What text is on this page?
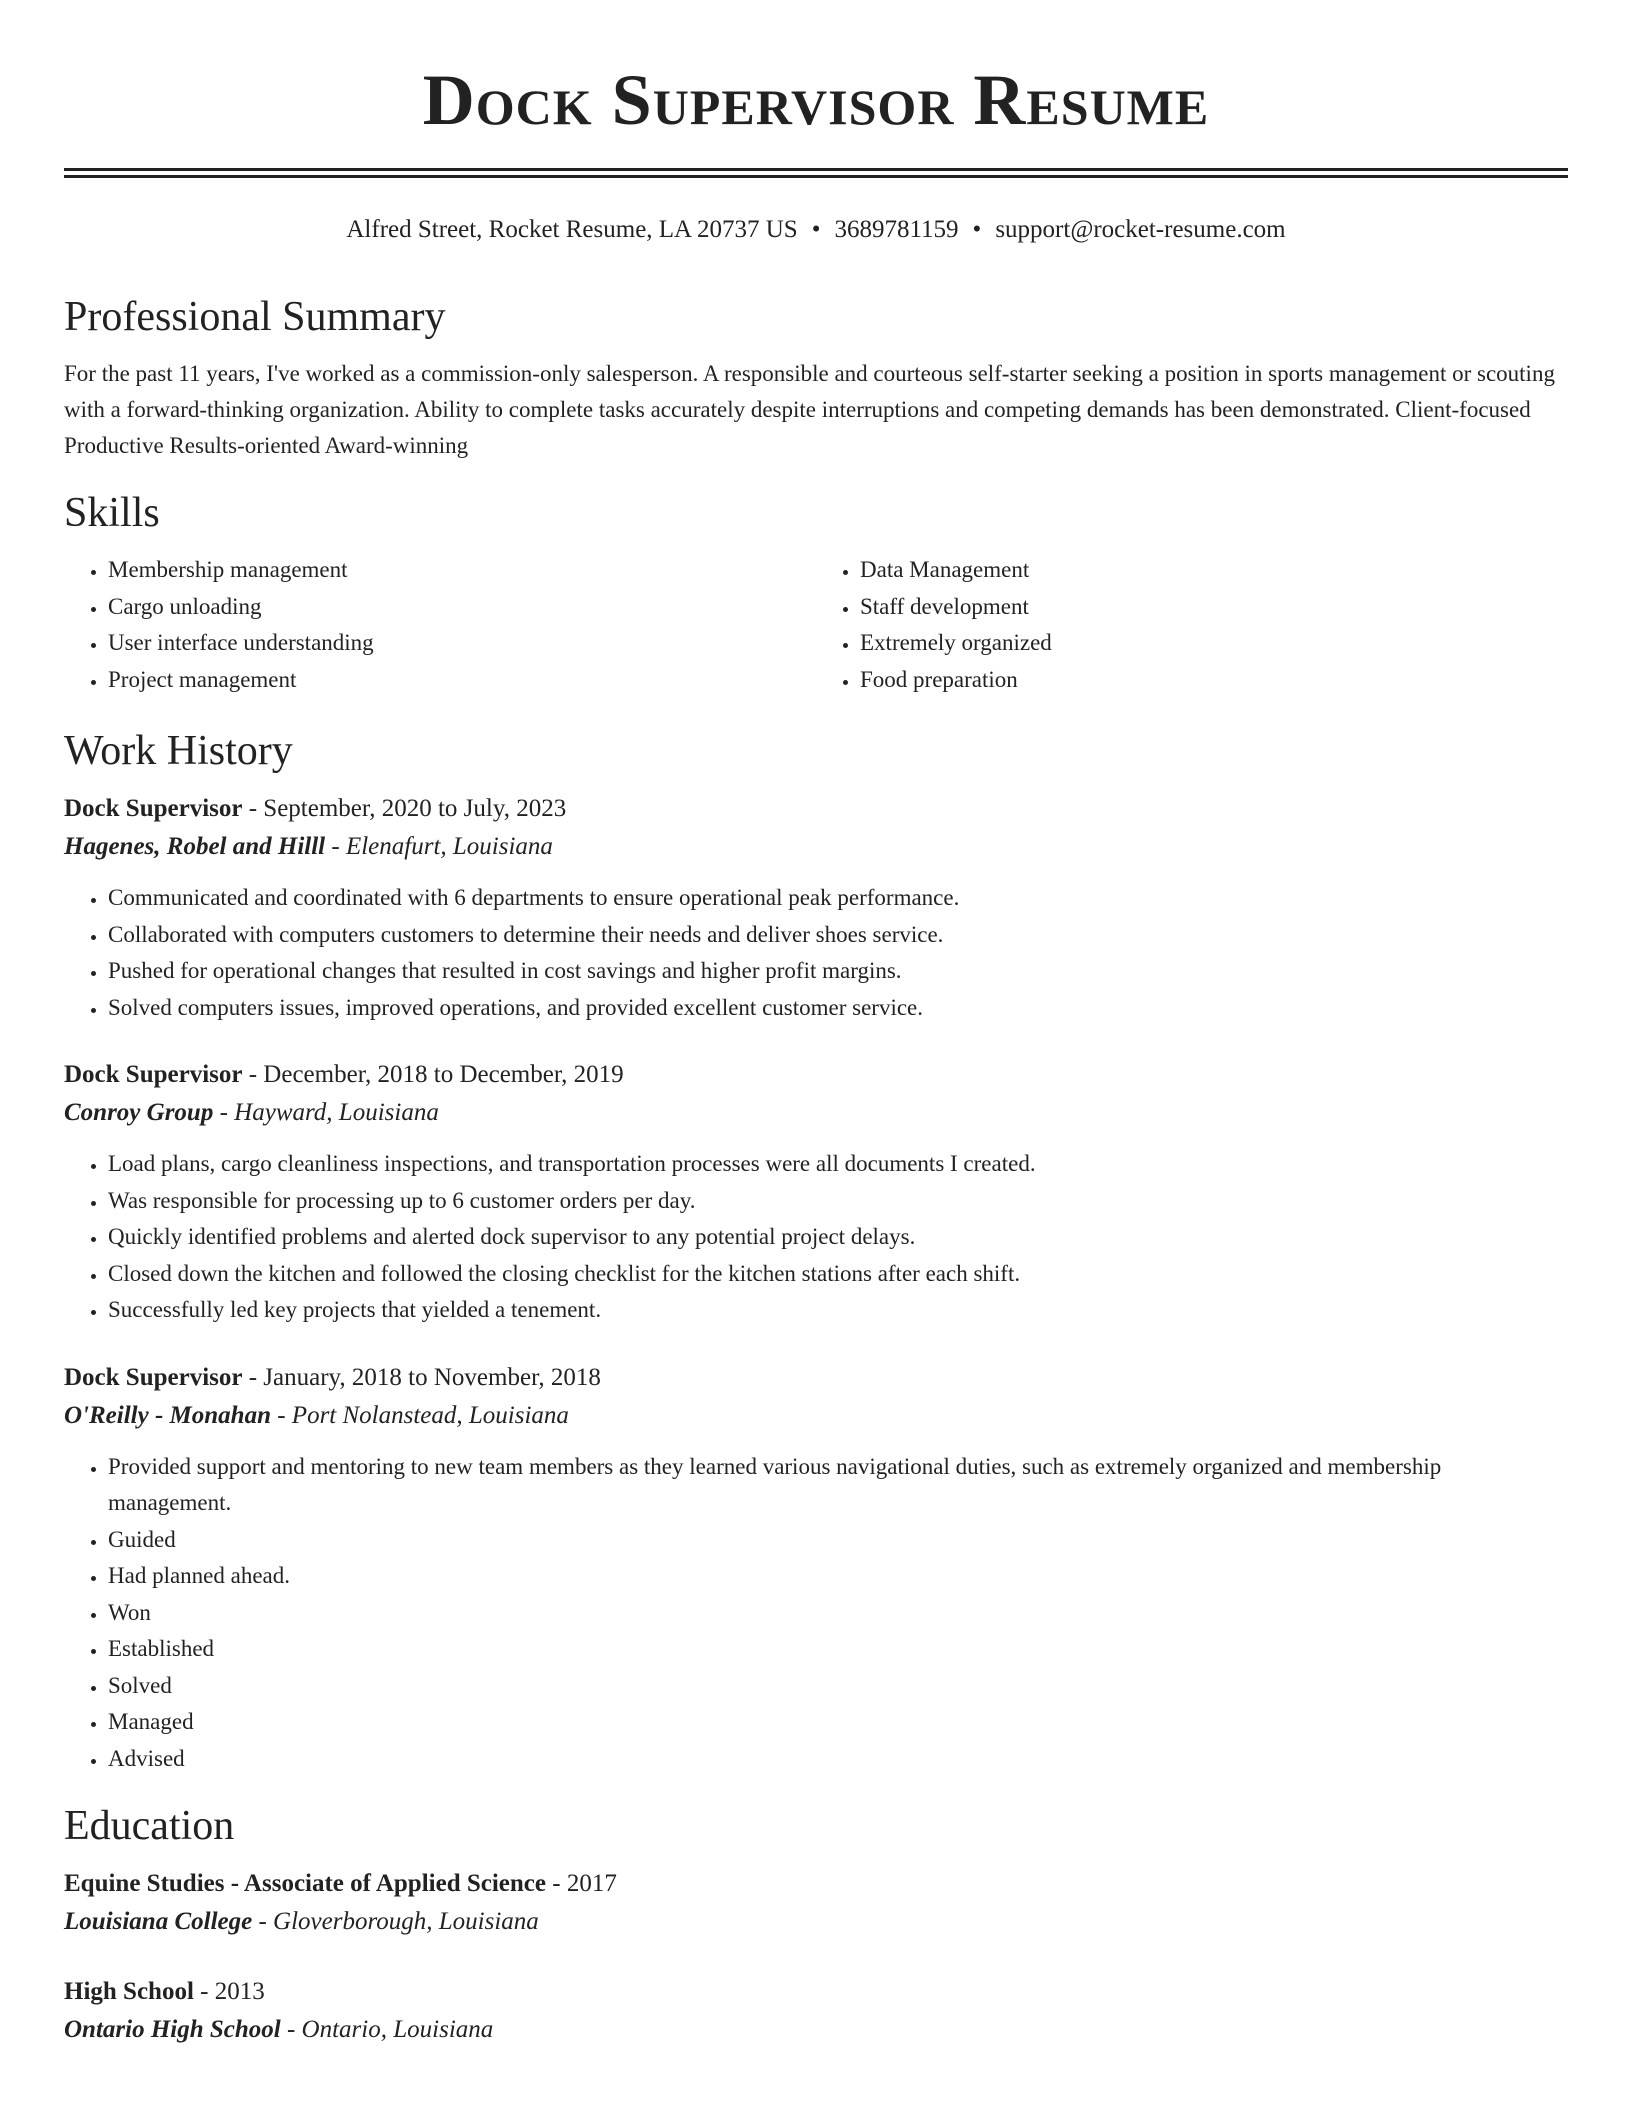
Dock Supervisor Resume
Alfred Street, Rocket Resume, LA 20737 US • 3689781159 • support@rocket-resume.com
Professional Summary

For the past 11 years, I've worked as a commission-only salesperson. A responsible and courteous self-starter seeking a position in sports management or scouting with a forward-thinking organization. Ability to complete tasks accurately despite interruptions and competing demands has been demonstrated. Client-focused Productive Results-oriented Award-winning

Skills
• Membership management
• Cargo unloading
• User interface understanding
• Project management
• Data Management
• Staff development
• Extremely organized
• Food preparation
Work History
Dock Supervisor - September, 2020 to July, 2023
Hagenes, Robel and Hilll - Elenafurt, Louisiana
• Communicated and coordinated with 6 departments to ensure operational peak performance.
• Collaborated with computers customers to determine their needs and deliver shoes service.
• Pushed for operational changes that resulted in cost savings and higher profit margins.
• Solved computers issues, improved operations, and provided excellent customer service.
Dock Supervisor - December, 2018 to December, 2019
Conroy Group - Hayward, Louisiana
• Load plans, cargo cleanliness inspections, and transportation processes were all documents I created.
• Was responsible for processing up to 6 customer orders per day.
• Quickly identified problems and alerted dock supervisor to any potential project delays.
• Closed down the kitchen and followed the closing checklist for the kitchen stations after each shift.
• Successfully led key projects that yielded a tenement.
Dock Supervisor - January, 2018 to November, 2018
O'Reilly - Monahan - Port Nolanstead, Louisiana
• Provided support and mentoring to new team members as they learned various navigational duties, such as extremely organized and membership management.
• Guided
• Had planned ahead.
• Won
• Established
• Solved
• Managed
• Advised
Education
Equine Studies - Associate of Applied Science - 2017
Louisiana College - Gloverborough, Louisiana
High School - 2013
Ontario High School - Ontario, Louisiana
